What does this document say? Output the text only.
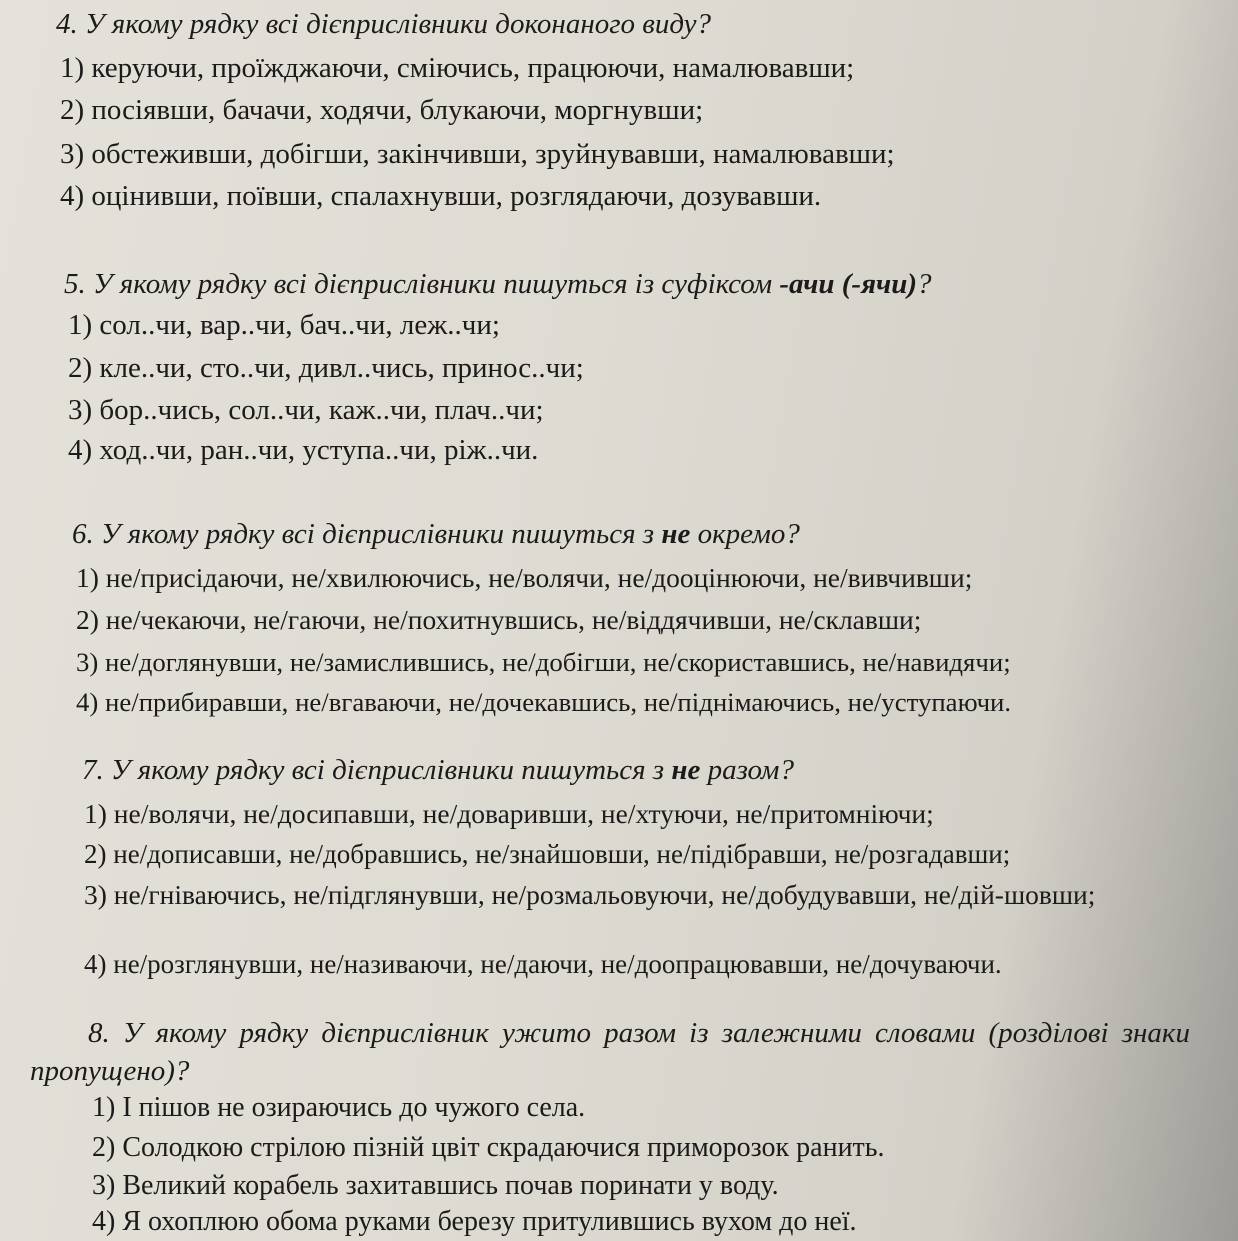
4. У якому рядку всі дієприслівники доконаного виду?
1) керуючи, проїжджаючи, сміючись, працюючи, намалювавши;
2) посіявши, бачачи, ходячи, блукаючи, моргнувши;
3) обстеживши, добігши, закінчивши, зруйнувавши, намалювавши;
4) оцінивши, поївши, спалахнувши, розглядаючи, дозувавши.
5. У якому рядку всі дієприслівники пишуться із суфіксом -ачи (-ячи)?
1) сол..чи, вар..чи, бач..чи, леж..чи;
2) кле..чи, сто..чи, дивл..чись, принос..чи;
3) бор..чись, сол..чи, каж..чи, плач..чи;
4) ход..чи, ран..чи, уступа..чи, ріж..чи.
6. У якому рядку всі дієприслівники пишуться з не окремо?
1) не/присідаючи, не/хвилюючись, не/волячи, не/дооцінюючи, не/вивчивши;
2) не/чекаючи, не/гаючи, не/похитнувшись, не/віддячивши, не/склавши;
3) не/доглянувши, не/замислившись, не/добігши, не/скориставшись, не/навидячи;
4) не/прибиравши, не/вгаваючи, не/дочекавшись, не/піднімаючись, не/уступаючи.
7. У якому рядку всі дієприслівники пишуться з не разом?
1) не/волячи, не/досипавши, не/доваривши, не/хтуючи, не/притомніючи;
2) не/дописавши, не/добравшись, не/знайшовши, не/підібравши, не/розгадавши;
3) не/гніваючись, не/підглянувши, не/розмальовуючи, не/добудувавши, не/дій-шовши;
4) не/розглянувши, не/називаючи, не/даючи, не/доопрацювавши, не/дочуваючи.
8. У якому рядку дієприслівник ужито разом із залежними словами (розділові знаки пропущено)?
1) І пішов не озираючись до чужого села.
2) Солодкою стрілою пізній цвіт скрадаючися приморозок ранить.
3) Великий корабель захитавшись почав поринати у воду.
4) Я охоплюю обома руками березу притулившись вухом до неї.
